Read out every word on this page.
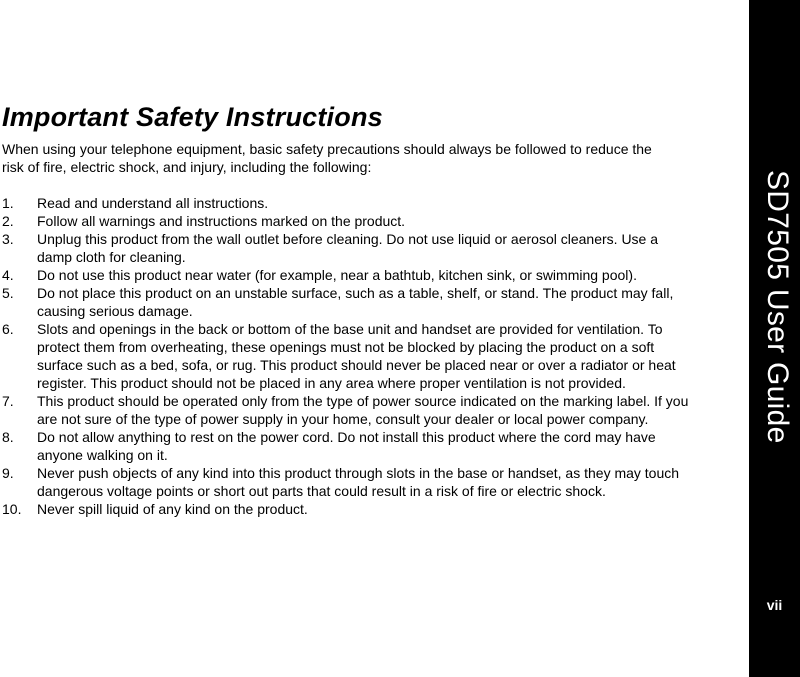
Important Safety Instructions

When using your telephone equipment, basic safety precautions should always be followed to reduce the risk of fire, electric shock, and injury, including the following:

1.	Read and understand all instructions.
2.	Follow all warnings and instructions marked on the product.
3.	Unplug this product from the wall outlet before cleaning. Do not use liquid or aerosol cleaners. Use a damp cloth for cleaning.
4.	Do not use this product near water (for example, near a bathtub, kitchen sink, or swimming pool).
5.	Do not place this product on an unstable surface, such as a table, shelf, or stand. The product may fall, causing serious damage.
6.	Slots and openings in the back or bottom of the base unit and handset are provided for ventilation. To protect them from overheating, these openings must not be blocked by placing the product on a soft surface such as a bed, sofa, or rug. This product should never be placed near or over a radiator or heat register. This product should not be placed in any area where proper ventilation is not provided.
7.	This product should be operated only from the type of power source indicated on the marking label. If you are not sure of the type of power supply in your home, consult your dealer or local power company.
8.	Do not allow anything to rest on the power cord. Do not install this product where the cord may have anyone walking on it.
9.	Never push objects of any kind into this product through slots in the base or handset, as they may touch dangerous voltage points or short out parts that could result in a risk of fire or electric shock.
10.	Never spill liquid of any kind on the product.
SD7505 User Guide
vii
